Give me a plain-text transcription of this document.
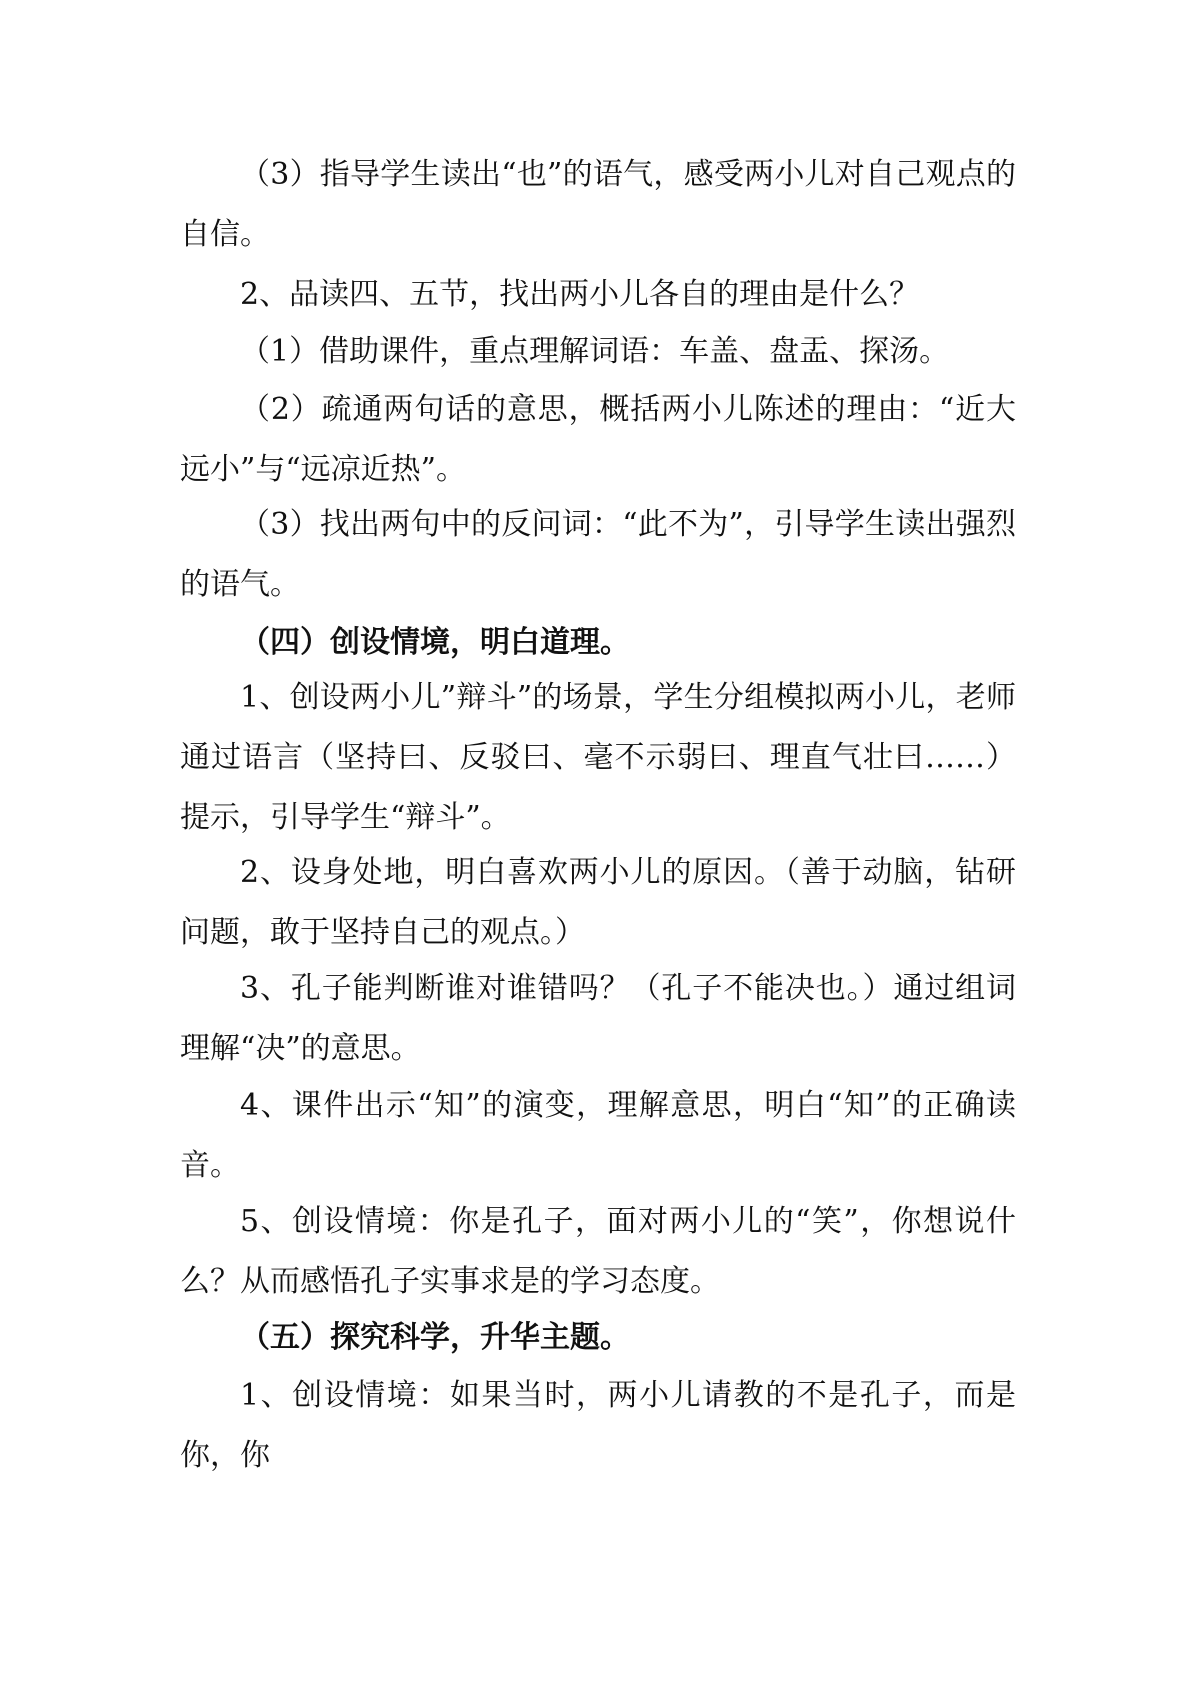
（3）指导学生读出“也”的语气，感受两小儿对自己观点的自信。

2、品读四、五节，找出两小儿各自的理由是什么？

（1）借助课件，重点理解词语：车盖、盘盂、探汤。

（2）疏通两句话的意思，概括两小儿陈述的理由：“近大远小”与“远凉近热”。

（3）找出两句中的反问词：“此不为”，引导学生读出强烈的语气。

（四）创设情境，明白道理。

1、创设两小儿”辩斗”的场景，学生分组模拟两小儿，老师通过语言（坚持曰、反驳曰、毫不示弱曰、理直气壮曰……）提示，引导学生“辩斗”。

2、设身处地，明白喜欢两小儿的原因。（善于动脑，钻研问题，敢于坚持自己的观点。）

3、孔子能判断谁对谁错吗？（孔子不能决也。）通过组词理解“决”的意思。

4、课件出示“知”的演变，理解意思，明白“知”的正确读音。

5、创设情境：你是孔子，面对两小儿的“笑”，你想说什么？从而感悟孔子实事求是的学习态度。

（五）探究科学，升华主题。

1、创设情境：如果当时，两小儿请教的不是孔子，而是你，你
